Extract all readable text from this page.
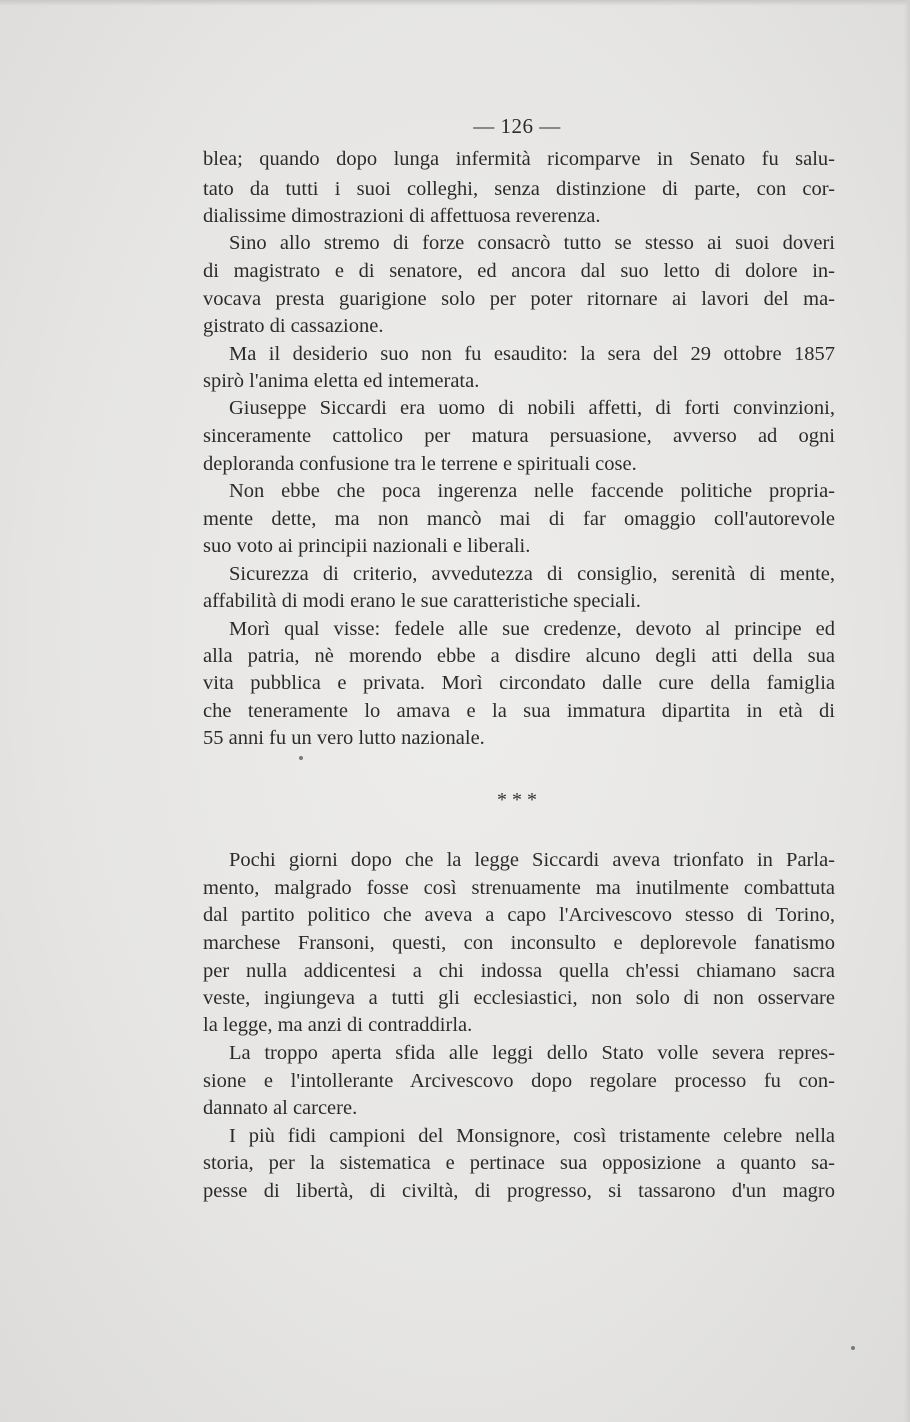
— 126 —
blea; quando dopo lunga infermità ricomparve in Senato fu salu-
tato da tutti i suoi colleghi, senza distinzione di parte, con cor-
dialissime dimostrazioni di affettuosa reverenza.
Sino allo stremo di forze consacrò tutto se stesso ai suoi doveri
di magistrato e di senatore, ed ancora dal suo letto di dolore in-
vocava presta guarigione solo per poter ritornare ai lavori del ma-
gistrato di cassazione.
Ma il desiderio suo non fu esaudito: la sera del 29 ottobre 1857
spirò l'anima eletta ed intemerata.
Giuseppe Siccardi era uomo di nobili affetti, di forti convinzioni,
sinceramente cattolico per matura persuasione, avverso ad ogni
deploranda confusione tra le terrene e spirituali cose.
Non ebbe che poca ingerenza nelle faccende politiche propria-
mente dette, ma non mancò mai di far omaggio coll'autorevole
suo voto ai principii nazionali e liberali.
Sicurezza di criterio, avvedutezza di consiglio, serenità di mente,
affabilità di modi erano le sue caratteristiche speciali.
Morì qual visse: fedele alle sue credenze, devoto al principe ed
alla patria, nè morendo ebbe a disdire alcuno degli atti della sua
vita pubblica e privata. Morì circondato dalle cure della famiglia
che teneramente lo amava e la sua immatura dipartita in età di
55 anni fu un vero lutto nazionale.
* * *
Pochi giorni dopo che la legge Siccardi aveva trionfato in Parla-
mento, malgrado fosse così strenuamente ma inutilmente combattuta
dal partito politico che aveva a capo l'Arcivescovo stesso di Torino,
marchese Fransoni, questi, con inconsulto e deplorevole fanatismo
per nulla addicentesi a chi indossa quella ch'essi chiamano sacra
veste, ingiungeva a tutti gli ecclesiastici, non solo di non osservare
la legge, ma anzi di contraddirla.
La troppo aperta sfida alle leggi dello Stato volle severa repres-
sione e l'intollerante Arcivescovo dopo regolare processo fu con-
dannato al carcere.
I più fidi campioni del Monsignore, così tristamente celebre nella
storia, per la sistematica e pertinace sua opposizione a quanto sa-
pesse di libertà, di civiltà, di progresso, si tassarono d'un magro
